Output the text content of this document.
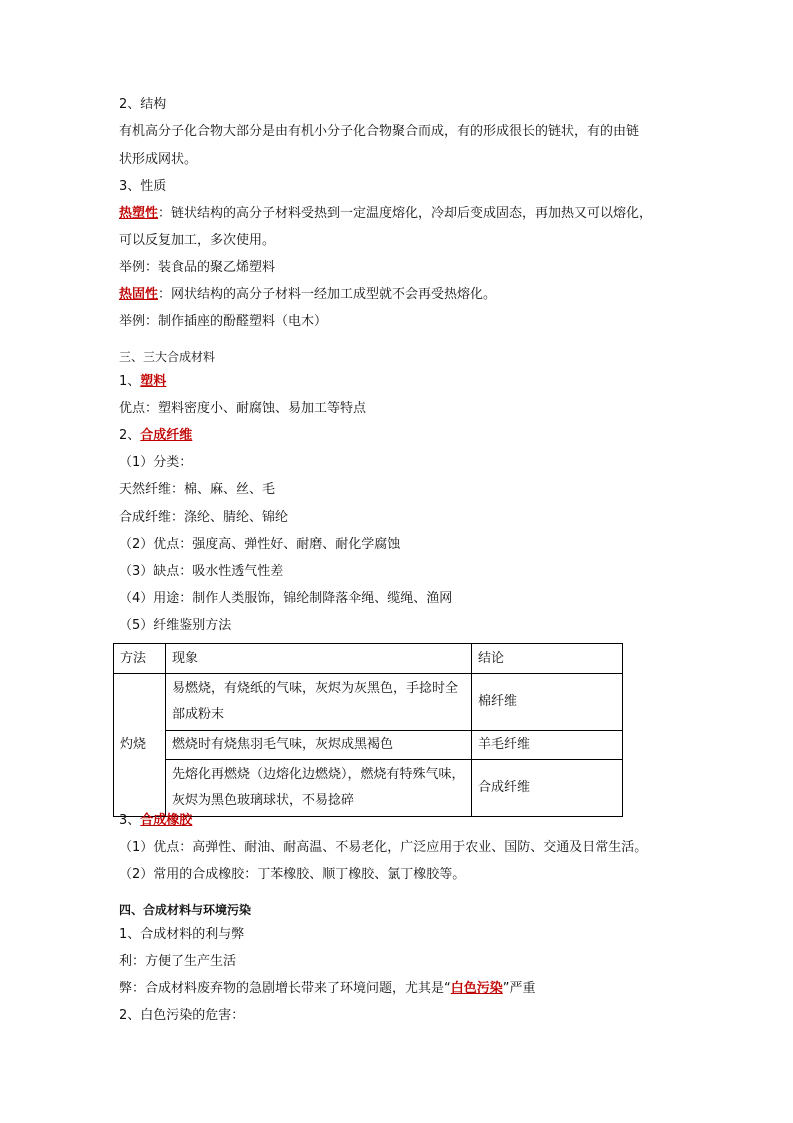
2、结构
有机高分子化合物大部分是由有机小分子化合物聚合而成，有的形成很长的链状，有的由链
状形成网状。
3、性质
热塑性：链状结构的高分子材料受热到一定温度熔化，冷却后变成固态，再加热又可以熔化，
可以反复加工，多次使用。
举例：装食品的聚乙烯塑料
热固性：网状结构的高分子材料一经加工成型就不会再受热熔化。
举例：制作插座的酚醛塑料（电木）
三、三大合成材料
1、塑料
优点：塑料密度小、耐腐蚀、易加工等特点
2、合成纤维
（1）分类：
天然纤维：棉、麻、丝、毛
合成纤维：涤纶、腈纶、锦纶
（2）优点：强度高、弹性好、耐磨、耐化学腐蚀
（3）缺点：吸水性透气性差
（4）用途：制作人类服饰，锦纶制降落伞绳、缆绳、渔网
（5）纤维鉴别方法
方法	现象	结论
灼烧	易燃烧，有烧纸的气味，灰烬为灰黑色，手捻时全部成粉末	棉纤维
	燃烧时有烧焦羽毛气味，灰烬成黑褐色	羊毛纤维
	先熔化再燃烧（边熔化边燃烧），燃烧有特殊气味，灰烬为黑色玻璃球状，不易捻碎	合成纤维
3、合成橡胶
（1）优点：高弹性、耐油、耐高温、不易老化，广泛应用于农业、国防、交通及日常生活。
（2）常用的合成橡胶：丁苯橡胶、顺丁橡胶、氯丁橡胶等。
四、合成材料与环境污染
1、合成材料的利与弊
利：方便了生产生活
弊：合成材料废弃物的急剧增长带来了环境问题，尤其是“白色污染”严重
2、白色污染的危害：
